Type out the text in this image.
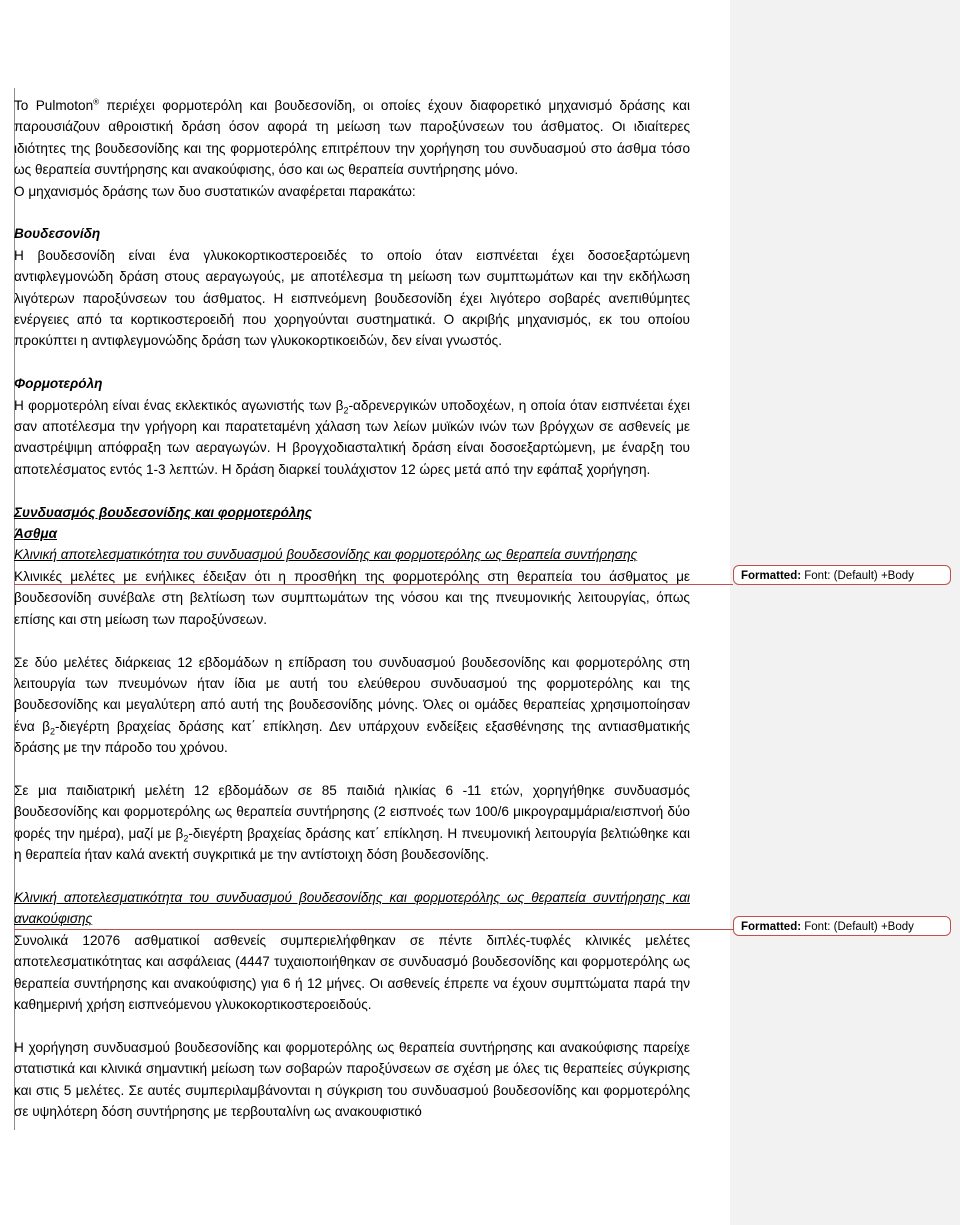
Το Pulmoton® περιέχει φορμοτερόλη και βουδεσονίδη, οι οποίες έχουν διαφορετικό μηχανισμό δράσης και παρουσιάζουν αθροιστική δράση όσον αφορά τη μείωση των παροξύνσεων του άσθματος. Οι ιδιαίτερες ιδιότητες της βουδεσονίδης και της φορμοτερόλης επιτρέπουν την χορήγηση του συνδυασμού στο άσθμα τόσο ως θεραπεία συντήρησης και ανακούφισης, όσο και ως θεραπεία συντήρησης μόνο.

Ο μηχανισμός δράσης των δυο συστατικών αναφέρεται παρακάτω:

Βουδεσονίδη

Η βουδεσονίδη είναι ένα γλυκοκορτικοστεροειδές το οποίο όταν εισπνέεται έχει δοσοεξαρτώμενη αντιφλεγμονώδη δράση στους αεραγωγούς, με αποτέλεσμα τη μείωση των συμπτωμάτων και την εκδήλωση λιγότερων παροξύνσεων του άσθματος. Η εισπνεόμενη βουδεσονίδη έχει λιγότερο σοβαρές ανεπιθύμητες ενέργειες από τα κορτικοστεροειδή που χορηγούνται συστηματικά. Ο ακριβής μηχανισμός, εκ του οποίου προκύπτει η αντιφλεγμονώδης δράση των γλυκοκορτικοειδών, δεν είναι γνωστός.

Φορμοτερόλη

Η φορμοτερόλη είναι ένας εκλεκτικός αγωνιστής των $\beta_2$-αδρενεργικών υποδοχέων, η οποία όταν εισπνέεται έχει σαν αποτέλεσμα την γρήγορη και παρατεταμένη χάλαση των λείων μυϊκών ινών των βρόγχων σε ασθενείς με αναστρέψιμη απόφραξη των αεραγωγών. Η βρογχοδιασταλτική δράση είναι δοσοεξαρτώμενη, με έναρξη του αποτελέσματος εντός 1-3 λεπτών. Η δράση διαρκεί τουλάχιστον 12 ώρες μετά από την εφάπαξ χορήγηση.

Συνδυασμός βουδεσονίδης και φορμοτερόλης

Άσθμα

Κλινική αποτελεσματικότητα του συνδυασμού βουδεσονίδης και φορμοτερόλης ως θεραπεία συντήρησης

Κλινικές μελέτες με ενήλικες έδειξαν ότι η προσθήκη της φορμοτερόλης στη θεραπεία του άσθματος με βουδεσονίδη συνέβαλε στη βελτίωση των συμπτωμάτων της νόσου και της πνευμονικής λειτουργίας, όπως επίσης και στη μείωση των παροξύνσεων.

Σε δύο μελέτες διάρκειας 12 εβδομάδων η επίδραση του συνδυασμού βουδεσονίδης και φορμοτερόλης στη λειτουργία των πνευμόνων ήταν ίδια με αυτή του ελεύθερου συνδυασμού της φορμοτερόλης και της βουδεσονίδης και μεγαλύτερη από αυτή της βουδεσονίδης μόνης. Όλες οι ομάδες θεραπείας χρησιμοποίησαν ένα $\beta_2$-διεγέρτη βραχείας δράσης κατ΄ επίκληση. Δεν υπάρχουν ενδείξεις εξασθένησης της αντιασθματικής δράσης με την πάροδο του χρόνου.

Σε μια παιδιατρική μελέτη 12 εβδομάδων σε 85 παιδιά ηλικίας 6 -11 ετών, χορηγήθηκε συνδυασμός βουδεσονίδης και φορμοτερόλης ως θεραπεία συντήρησης (2 εισπνοές των 100/6 μικρογραμμάρια/εισπνοή δύο φορές την ημέρα), μαζί με $\beta_2$-διεγέρτη βραχείας δράσης κατ΄ επίκληση. Η πνευμονική λειτουργία βελτιώθηκε και η θεραπεία ήταν καλά ανεκτή συγκριτικά με την αντίστοιχη δόση βουδεσονίδης.

Κλινική αποτελεσματικότητα του συνδυασμού βουδεσονίδης και φορμοτερόλης ως θεραπεία συντήρησης και ανακούφισης

Συνολικά 12076 ασθματικοί ασθενείς συμπεριελήφθηκαν σε πέντε διπλές-τυφλές κλινικές μελέτες αποτελεσματικότητας και ασφάλειας (4447 τυχαιοποιήθηκαν σε συνδυασμό βουδεσονίδης και φορμοτερόλης ως θεραπεία συντήρησης και ανακούφισης) για 6 ή 12 μήνες. Οι ασθενείς έπρεπε να έχουν συμπτώματα παρά την καθημερινή χρήση εισπνεόμενου γλυκοκορτικοστεροειδούς.

Η χορήγηση συνδυασμού βουδεσονίδης και φορμοτερόλης ως θεραπεία συντήρησης και ανακούφισης παρείχε στατιστικά και κλινικά σημαντική μείωση των σοβαρών παροξύνσεων σε σχέση με όλες τις θεραπείες σύγκρισης και στις 5 μελέτες. Σε αυτές συμπεριλαμβάνονται η σύγκριση του συνδυασμού βουδεσονίδης και φορμοτερόλης σε υψηλότερη δόση συντήρησης με τερβουταλίνη ως ανακουφιστικό

Formatted: Font: (Default) +Body
Formatted: Font: (Default) +Body
